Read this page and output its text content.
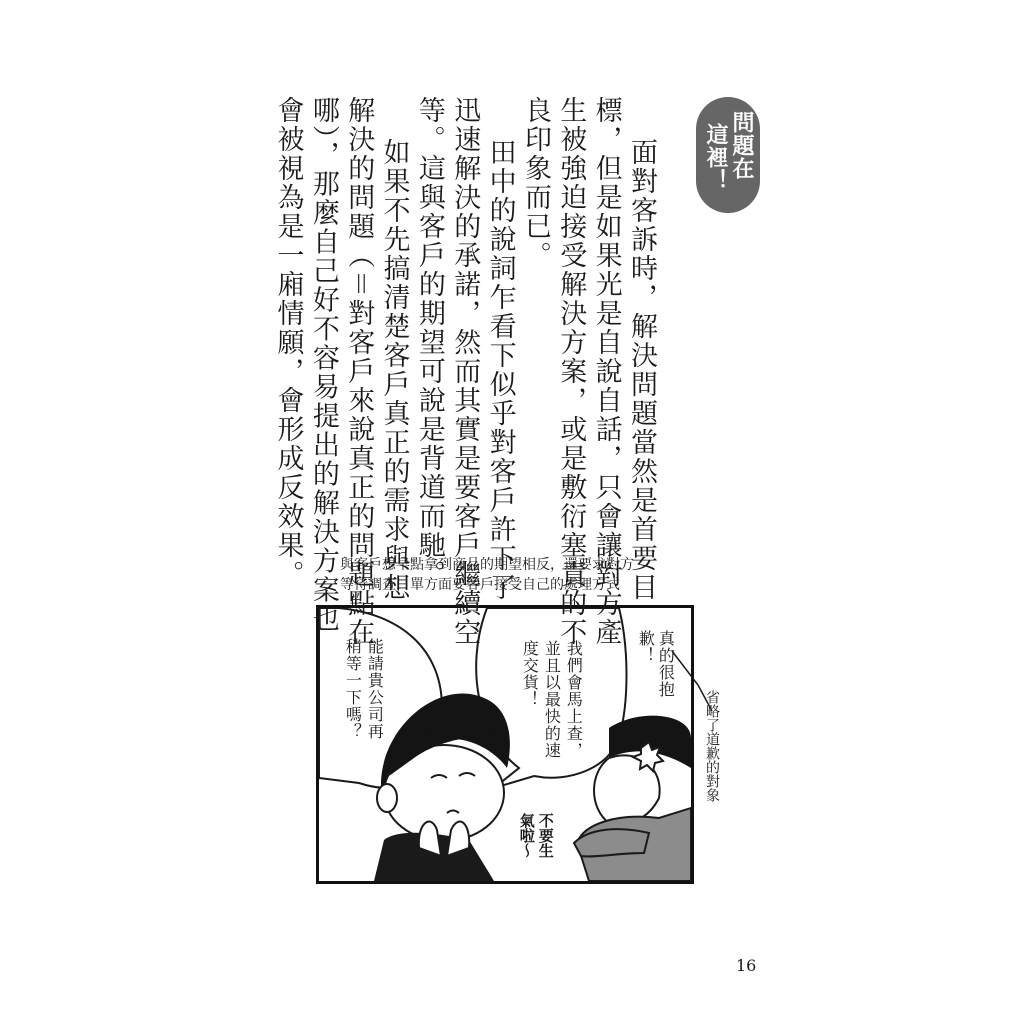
問題在
這裡！
與客戶想早點拿到商品的期望相反，還要求對方
等待調查，單方面要客戶接受自己的處理方式
真的很抱
歉！
我們會馬上查，
並且以最快的速
度交貨！
能請貴公司再
稍等一下嗎？
不要生
氣啦～
省略了道歉的對象
16
面對客訴時，解決問題當然是首要目
標，但是如果光是自說自話，只會讓對方產
生被強迫接受解決方案，或是敷衍塞責的不
良印象而已。
田中的說詞乍看下似乎對客戶許下了
迅速解決的承諾，然而其實是要客戶繼續空
等。這與客戶的期望可說是背道而馳。
如果不先搞清楚客戶真正的需求與想
解決的問題（＝對客戶來說真正的問題點在
哪），那麼自己好不容易提出的解決方案也
會被視為是一廂情願，會形成反效果。
